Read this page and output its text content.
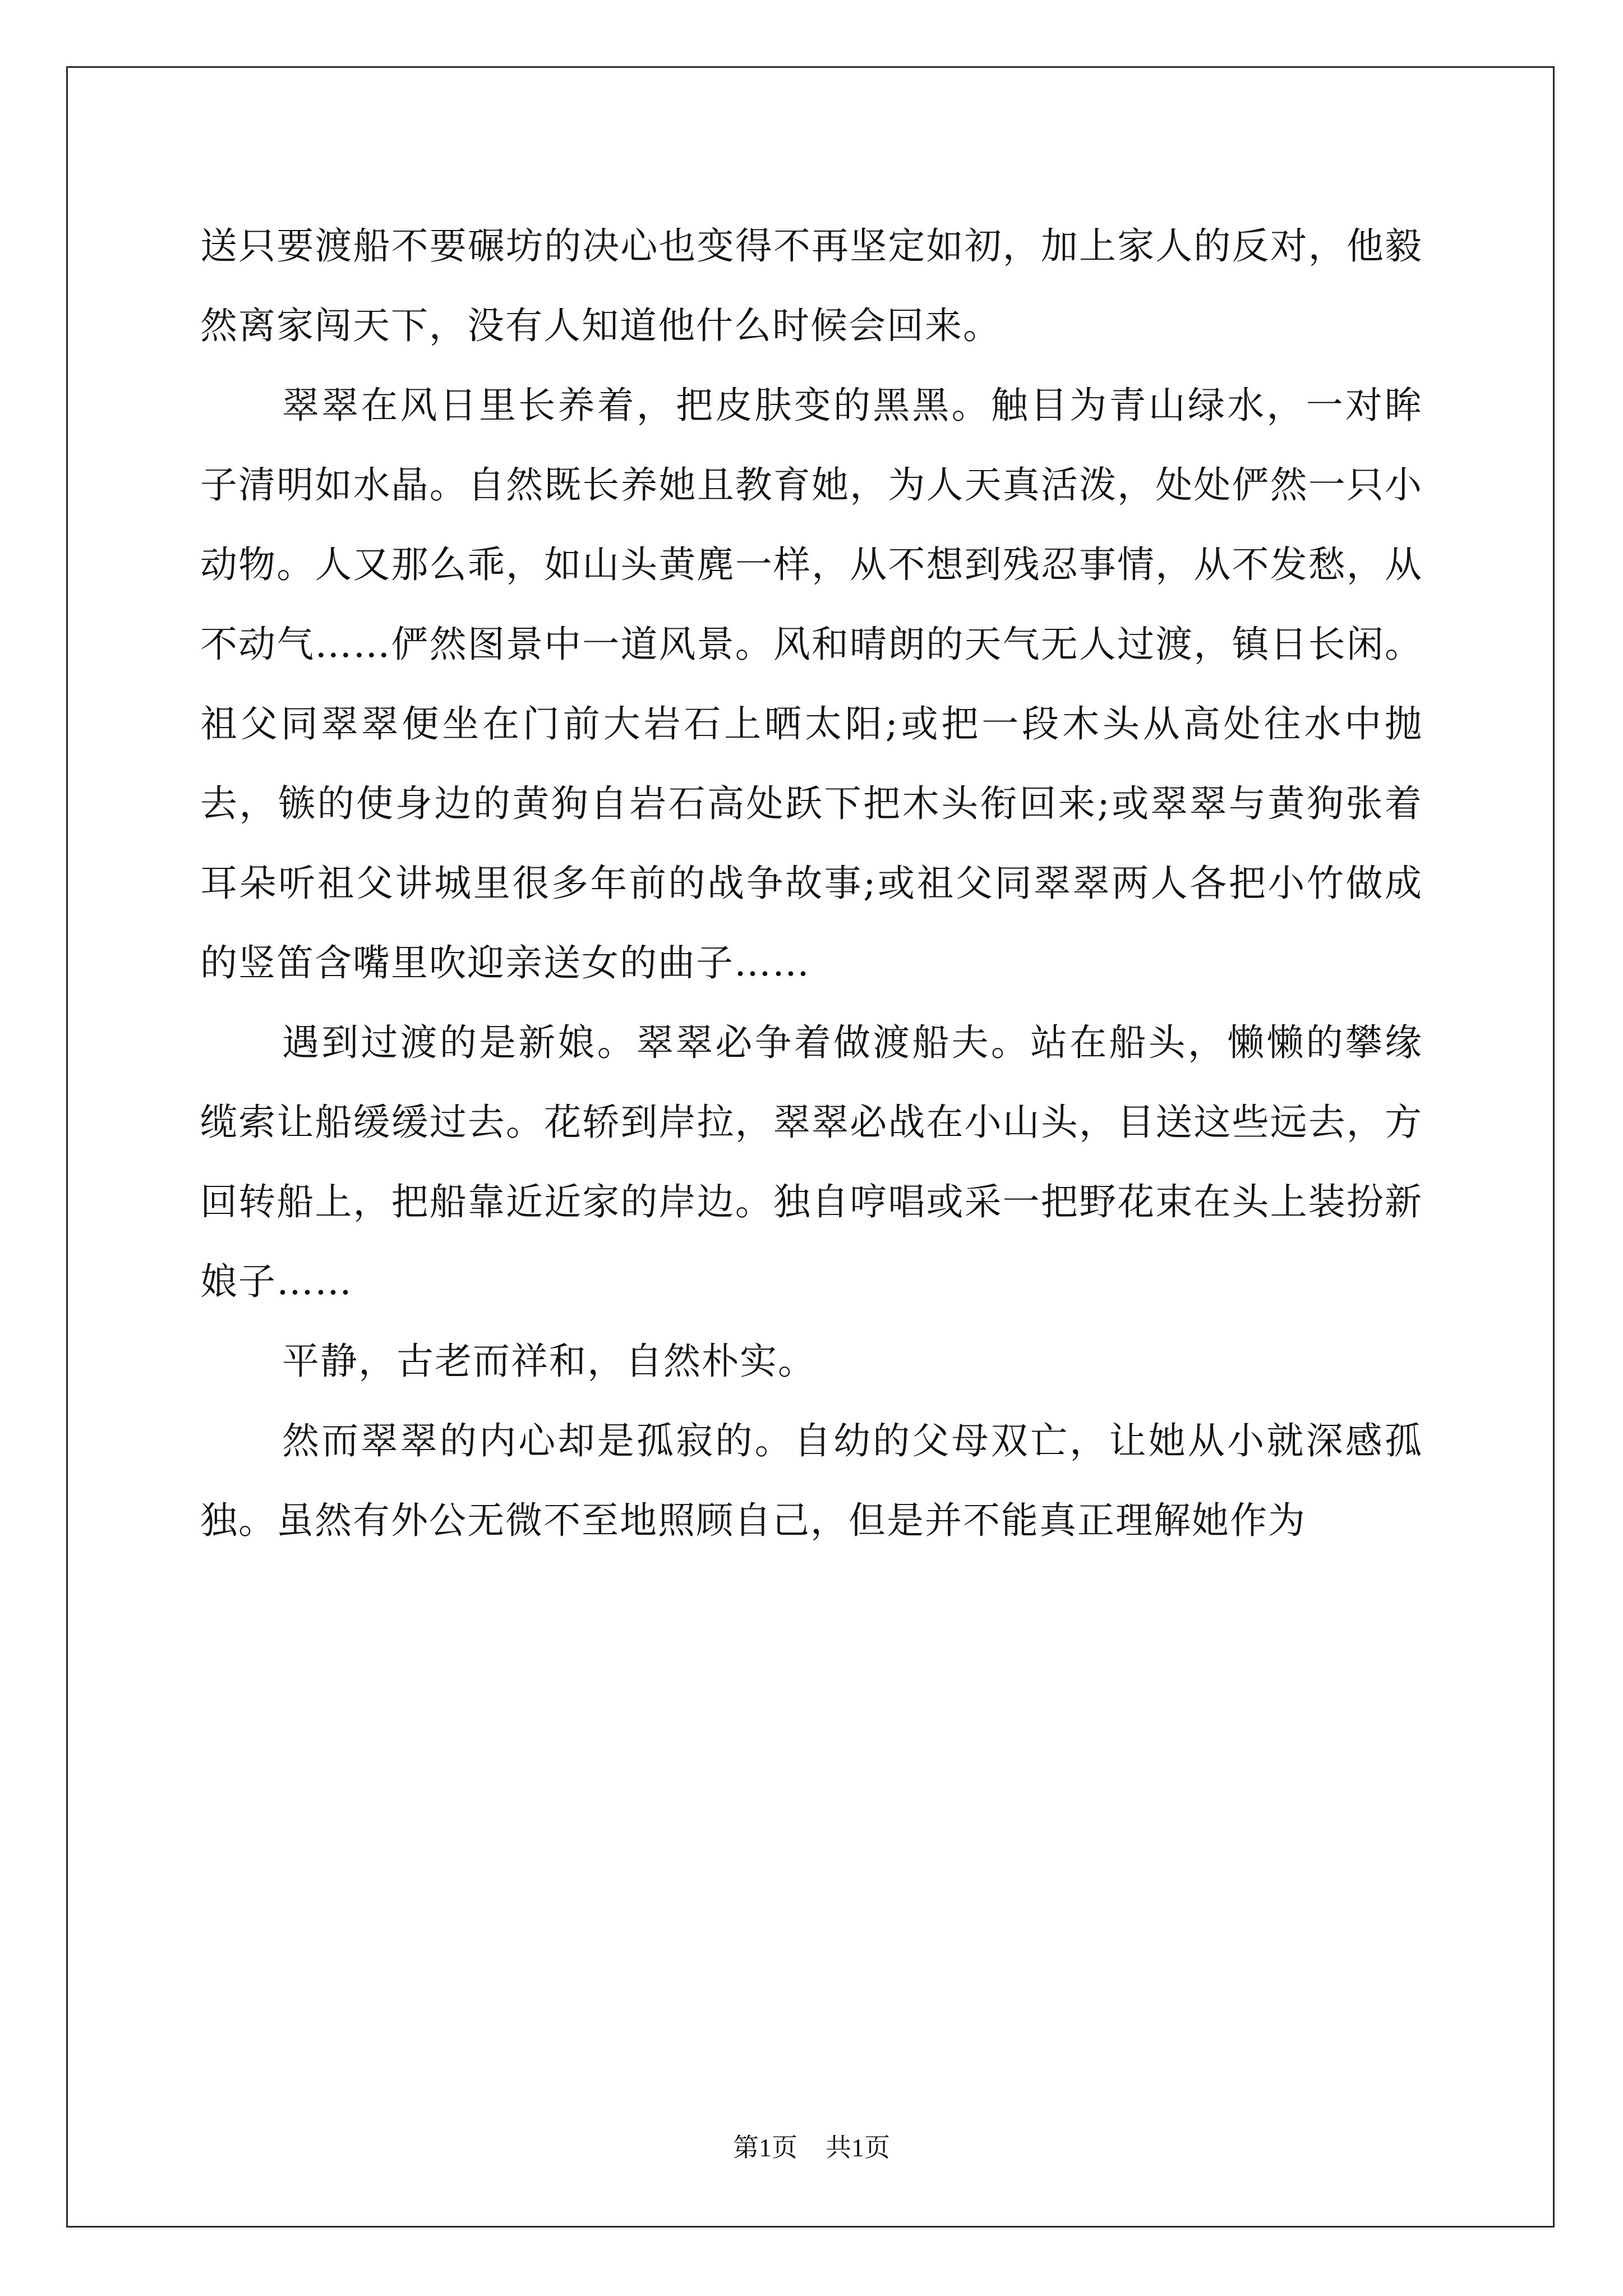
送只要渡船不要碾坊的决心也变得不再坚定如初，加上家人的反对，他毅然离家闯天下，没有人知道他什么时候会回来。

翠翠在风日里长养着，把皮肤变的黑黑。触目为青山绿水，一对眸子清明如水晶。自然既长养她且教育她，为人天真活泼，处处俨然一只小动物。人又那么乖，如山头黄麂一样，从不想到残忍事情，从不发愁，从不动气……俨然图景中一道风景。风和晴朗的天气无人过渡，镇日长闲。祖父同翠翠便坐在门前大岩石上晒太阳;或把一段木头从高处往水中抛去，镞的使身边的黄狗自岩石高处跃下把木头衔回来;或翠翠与黄狗张着耳朵听祖父讲城里很多年前的战争故事;或祖父同翠翠两人各把小竹做成的竖笛含嘴里吹迎亲送女的曲子……

遇到过渡的是新娘。翠翠必争着做渡船夫。站在船头，懒懒的攀缘缆索让船缓缓过去。花轿到岸拉，翠翠必战在小山头，目送这些远去，方回转船上，把船靠近近家的岸边。独自哼唱或采一把野花束在头上装扮新娘子……

平静，古老而祥和，自然朴实。

然而翠翠的内心却是孤寂的。自幼的父母双亡，让她从小就深感孤独。虽然有外公无微不至地照顾自己，但是并不能真正理解她作为

第1页 共1页
